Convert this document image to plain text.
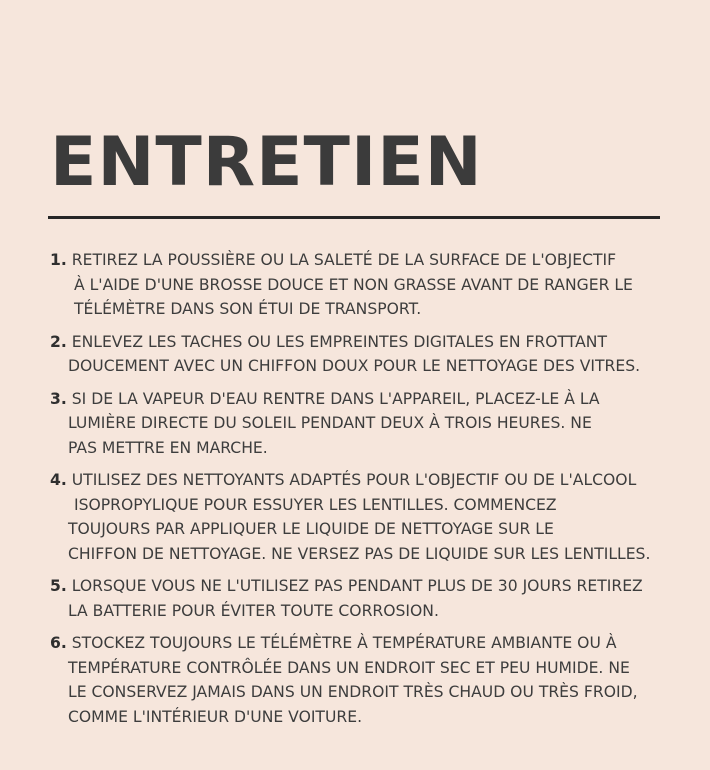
ENTRETIEN
1. RETIREZ LA POUSSIÈRE OU LA SALETÉ DE LA SURFACE DE L'OBJECTIF
À L'AIDE D'UNE BROSSE DOUCE ET NON GRASSE AVANT DE RANGER LE
TÉLÉMÈTRE DANS SON ÉTUI DE TRANSPORT.
2. ENLEVEZ LES TACHES OU LES EMPREINTES DIGITALES EN FROTTANT
DOUCEMENT AVEC UN CHIFFON DOUX POUR LE NETTOYAGE DES VITRES.
3. SI DE LA VAPEUR D'EAU RENTRE DANS L'APPAREIL, PLACEZ-LE À LA
LUMIÈRE DIRECTE DU SOLEIL PENDANT DEUX À TROIS HEURES. NE
PAS METTRE EN MARCHE.
4. UTILISEZ DES NETTOYANTS ADAPTÉS POUR L'OBJECTIF OU DE L'ALCOOL
ISOPROPYLIQUE POUR ESSUYER LES LENTILLES. COMMENCEZ
TOUJOURS PAR APPLIQUER LE LIQUIDE DE NETTOYAGE SUR LE
CHIFFON DE NETTOYAGE. NE VERSEZ PAS DE LIQUIDE SUR LES LENTILLES.
5. LORSQUE VOUS NE L'UTILISEZ PAS PENDANT PLUS DE 30 JOURS RETIREZ
LA BATTERIE POUR ÉVITER TOUTE CORROSION.
6. STOCKEZ TOUJOURS LE TÉLÉMÈTRE À TEMPÉRATURE AMBIANTE OU À
TEMPÉRATURE CONTRÔLÉE DANS UN ENDROIT SEC ET PEU HUMIDE. NE
LE CONSERVEZ JAMAIS DANS UN ENDROIT TRÈS CHAUD OU TRÈS FROID,
COMME L'INTÉRIEUR D'UNE VOITURE.
